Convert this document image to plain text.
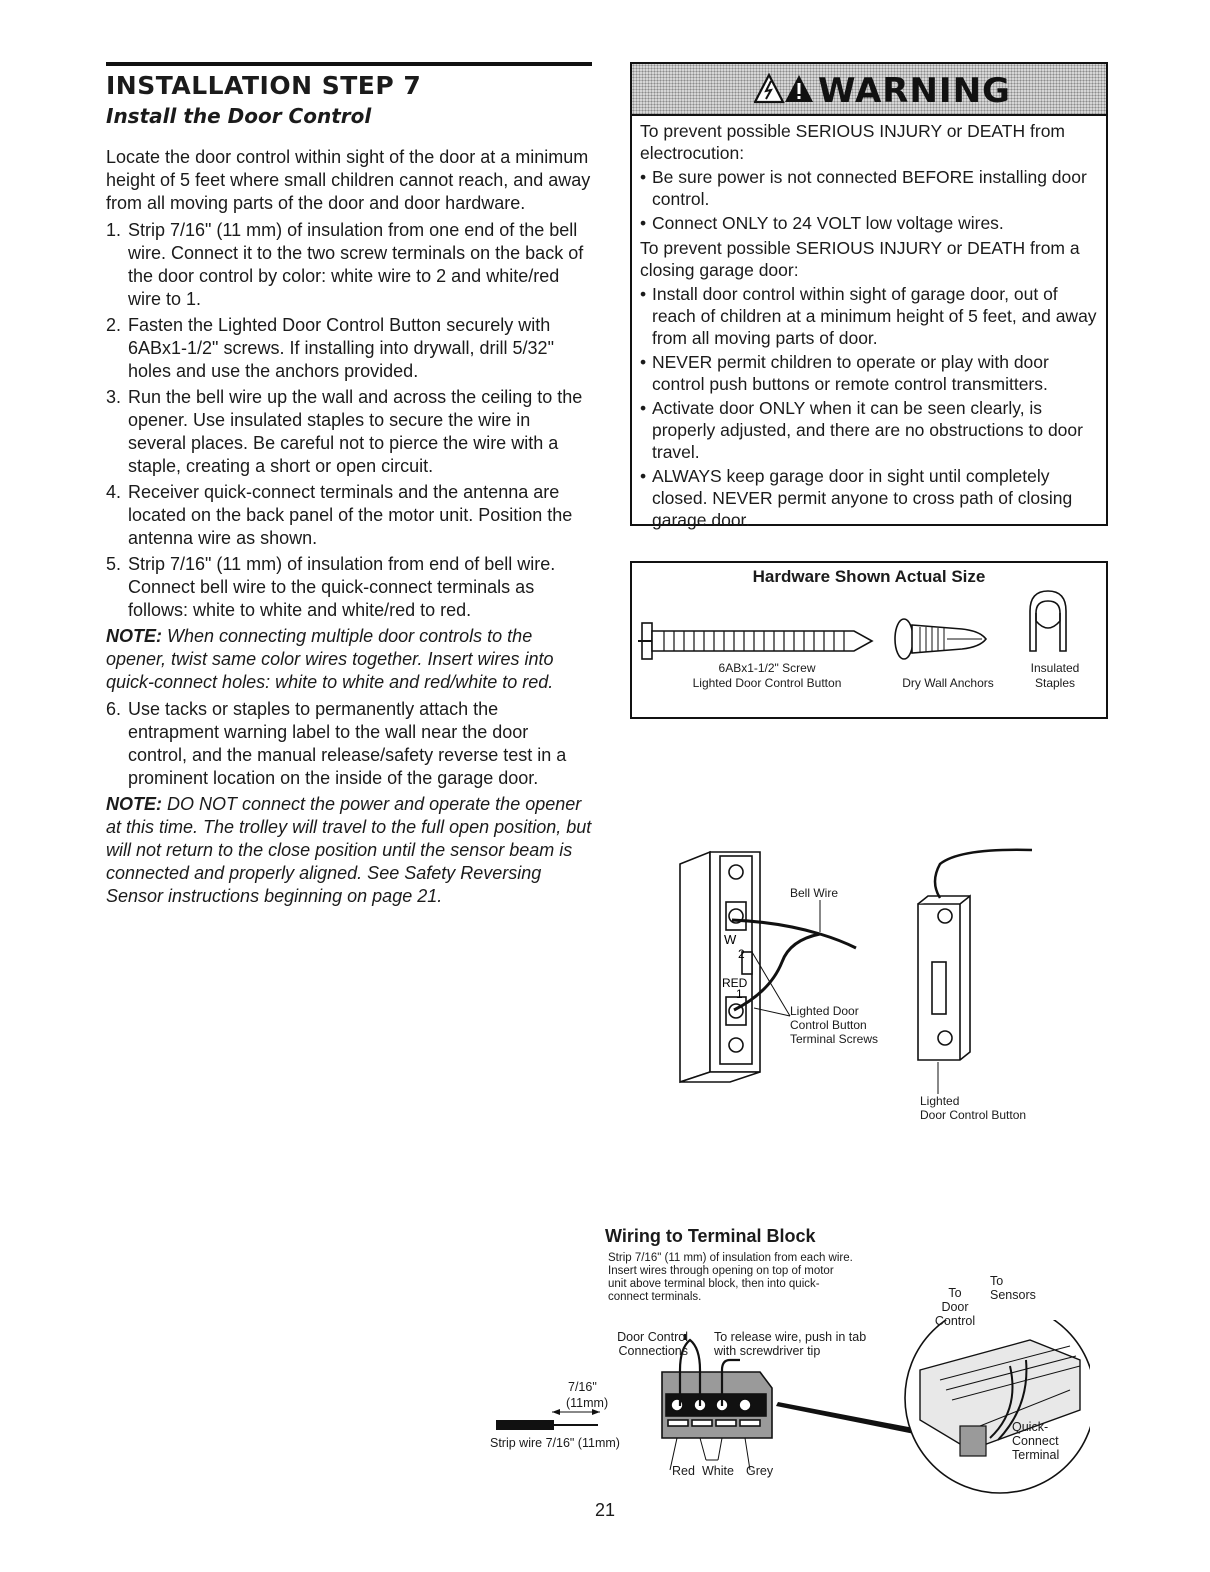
INSTALLATION STEP 7
Install the Door Control
Locate the door control within sight of the door at a minimum height of 5 feet where small children cannot reach, and away from all moving parts of the door and door hardware.
1. Strip 7/16" (11 mm) of insulation from one end of the bell wire. Connect it to the two screw terminals on the back of the door control by color: white wire to 2 and white/red wire to 1.
2. Fasten the Lighted Door Control Button securely with 6ABx1-1/2" screws. If installing into drywall, drill 5/32" holes and use the anchors provided.
3. Run the bell wire up the wall and across the ceiling to the opener. Use insulated staples to secure the wire in several places. Be careful not to pierce the wire with a staple, creating a short or open circuit.
4. Receiver quick-connect terminals and the antenna are located on the back panel of the motor unit. Position the antenna wire as shown.
5. Strip 7/16" (11 mm) of insulation from end of bell wire. Connect bell wire to the quick-connect terminals as follows: white to white and white/red to red.
NOTE: When connecting multiple door controls to the opener, twist same color wires together. Insert wires into quick-connect holes: white to white and red/white to red.
6. Use tacks or staples to permanently attach the entrapment warning label to the wall near the door control, and the manual release/safety reverse test in a prominent location on the inside of the garage door.
NOTE: DO NOT connect the power and operate the opener at this time. The trolley will travel to the full open position, but will not return to the close position until the sensor beam is connected and properly aligned. See Safety Reversing Sensor instructions beginning on page 21.
WARNING

To prevent possible SERIOUS INJURY or DEATH from electrocution:

• Be sure power is not connected BEFORE installing door control.

• Connect ONLY to 24 VOLT low voltage wires.

To prevent possible SERIOUS INJURY or DEATH from a closing garage door:

• Install door control within sight of garage door, out of reach of children at a minimum height of 5 feet, and away from all moving parts of door.

• NEVER permit children to operate or play with door control push buttons or remote control transmitters.

• Activate door ONLY when it can be seen clearly, is properly adjusted, and there are no obstructions to door travel.

• ALWAYS keep garage door in sight until completely closed. NEVER permit anyone to cross path of closing garage door.

Hardware Shown Actual Size
6ABx1-1/2" Screw
Lighted Door Control Button	Dry Wall Anchors
Insulated
Staples
W
2
RED
1
Bell Wire
Lighted Door
Control Button
Terminal Screws
Lighted
Door Control Button
Wiring to Terminal Block
Strip 7/16" (11 mm) of insulation from each wire.
Insert wires through opening on top of motor
unit above terminal block, then into quick-
connect terminals.
Door Control
Connections
To release wire, push in tab
with screwdriver tip
7/16"
(11mm)
Strip wire 7/16" (11mm)
Red White Grey
To
Door
Control
To
Sensors
Quick-
Connect
Terminal
21
